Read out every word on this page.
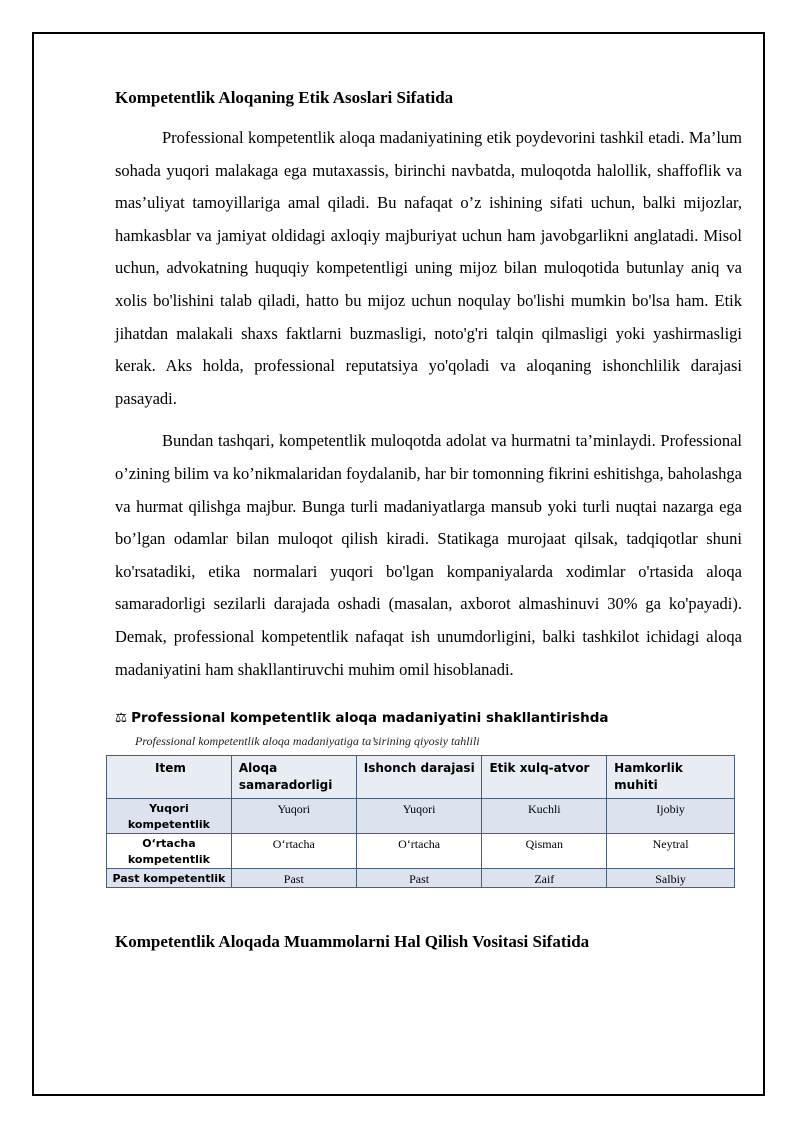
Kompetentlik Aloqaning Etik Asoslari Sifatida

Professional kompetentlik aloqa madaniyatining etik poydevorini tashkil etadi. Ma’lum sohada yuqori malakaga ega mutaxassis, birinchi navbatda, muloqotda halollik, shaffoflik va mas’uliyat tamoyillariga amal qiladi. Bu nafaqat o’z ishining sifati uchun, balki mijozlar, hamkasblar va jamiyat oldidagi axloqiy majburiyat uchun ham javobgarlikni anglatadi. Misol uchun, advokatning huquqiy kompetentligi uning mijoz bilan muloqotida butunlay aniq va xolis bo'lishini talab qiladi, hatto bu mijoz uchun noqulay bo'lishi mumkin bo'lsa ham. Etik jihatdan malakali shaxs faktlarni buzmasligi, noto'g'ri talqin qilmasligi yoki yashirmasligi kerak. Aks holda, professional reputatsiya yo'qoladi va aloqaning ishonchlilik darajasi pasayadi.

Bundan tashqari, kompetentlik muloqotda adolat va hurmatni ta’minlaydi. Professional o’zining bilim va ko’nikmalaridan foydalanib, har bir tomonning fikrini eshitishga, baholashga va hurmat qilishga majbur. Bunga turli madaniyatlarga mansub yoki turli nuqtai nazarga ega bo’lgan odamlar bilan muloqot qilish kiradi. Statikaga murojaat qilsak, tadqiqotlar shuni ko'rsatadiki, etika normalari yuqori bo'lgan kompaniyalarda xodimlar o'rtasida aloqa samaradorligi sezilarli darajada oshadi (masalan, axborot almashinuvi 30% ga ko'payadi). Demak, professional kompetentlik nafaqat ish unumdorligini, balki tashkilot ichidagi aloqa madaniyatini ham shakllantiruvchi muhim omil hisoblanadi.

⚖ Professional kompetentlik aloqa madaniyatini shakllantirishda
Professional kompetentlik aloqa madaniyatiga ta’sirining qiyosiy tahlili
Item	Aloqa samaradorligi	Ishonch darajasi	Etik xulq-atvor	Hamkorlik muhiti
Yuqori kompetentlik	Yuqori	Yuqori	Kuchli	Ijobiy
O‘rtacha kompetentlik	O‘rtacha	O‘rtacha	Qisman	Neytral
Past kompetentlik	Past	Past	Zaif	Salbiy
Kompetentlik Aloqada Muammolarni Hal Qilish Vositasi Sifatida
